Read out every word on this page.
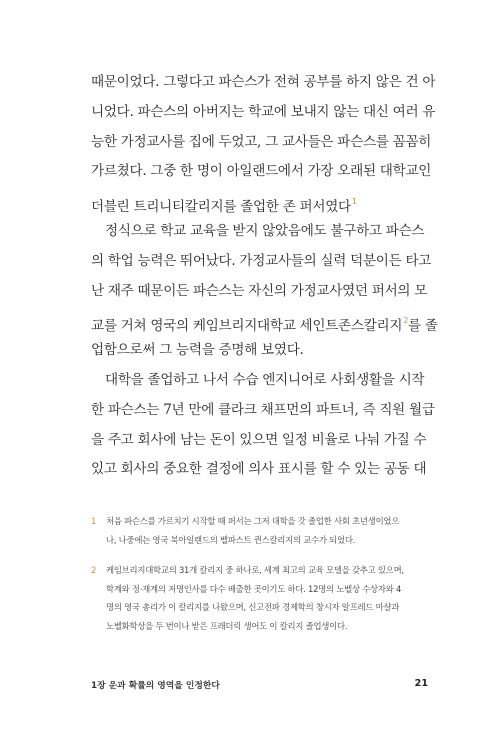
때문이었다. 그렇다고 파슨스가 전혀 공부를 하지 않은 건 아
니었다. 파슨스의 아버지는 학교에 보내지 않는 대신 여러 유
능한 가정교사를 집에 두었고, 그 교사들은 파슨스를 꼼꼼히
가르쳤다. 그중 한 명이 아일랜드에서 가장 오래된 대학교인
더블린 트리니티칼리지를 졸업한 존 퍼서였다$^1$
정식으로 학교 교육을 받지 않았음에도 불구하고 파슨스
의 학업 능력은 뛰어났다. 가정교사들의 실력 덕분이든 타고
난 재주 때문이든 파슨스는 자신의 가정교사였던 퍼서의 모
교를 거쳐 영국의 케임브리지대학교 세인트존스칼리지$^2$를 졸
업함으로써 그 능력을 증명해 보였다.
대학을 졸업하고 나서 수습 엔지니어로 사회생활을 시작
한 파슨스는 7년 만에 클라크 채프먼의 파트너, 즉 직원 월급
을 주고 회사에 남는 돈이 있으면 일정 비율로 나눠 가질 수
있고 회사의 중요한 결정에 의사 표시를 할 수 있는 공동 대
1	처음 파슨스를 가르치기 시작할 때 퍼서는 그저 대학을 갓 졸업한 사회 초년생이었으
나, 나중에는 영국 북아일랜드의 벨파스트 퀸스칼리지의 교수가 되었다.
2	케임브리지대학교의 31개 칼리지 중 하나로, 세계 최고의 교육 모델을 갖추고 있으며,
학계와 정·재계의 저명인사를 다수 배출한 곳이기도 하다. 12명의 노벨상 수상자와 4
명의 영국 총리가 이 칼리지를 나왔으며, 신고전파 경제학의 창시자 알프레드 마샬과
노벨화학상을 두 번이나 받은 프레더릭 생어도 이 칼리지 졸업생이다.
1장 운과 확률의 영역을 인정한다	21
